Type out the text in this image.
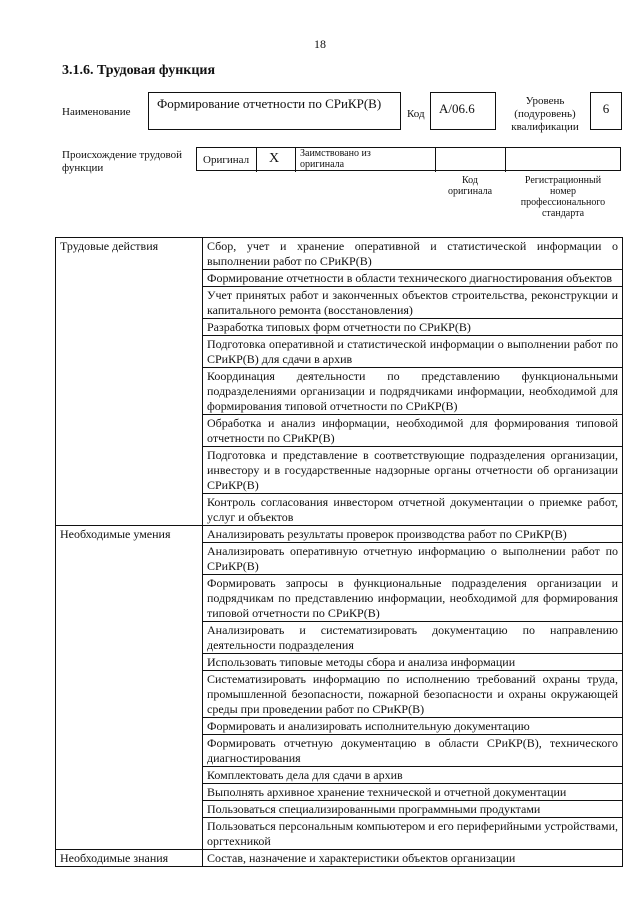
18
3.1.6. Трудовая функция
Наименование
Формирование отчетности по СРиКР(В)
Код	А/06.6	Уровень
(подуровень)
квалификации
6
Происхождение трудовой
функции
Оригинал X Заимствовано из
оригинала
Код
оригинала
Регистрационный
номер
профессионального
стандарта
Трудовые действия	Сбор, учет и хранение оперативной и статистической информации о выполнении работ по СРиКР(В)
	Формирование отчетности в области технического диагностирования объектов
	Учет принятых работ и законченных объектов строительства, реконструкции и капитального ремонта (восстановления)
	Разработка типовых форм отчетности по СРиКР(В)
	Подготовка оперативной и статистической информации о выполнении работ по СРиКР(В) для сдачи в архив
	Координация деятельности по представлению функциональными подразделениями организации и подрядчиками информации, необходимой для формирования типовой отчетности по СРиКР(В)
	Обработка и анализ информации, необходимой для формирования типовой отчетности по СРиКР(В)
	Подготовка и представление в соответствующие подразделения организации, инвестору и в государственные надзорные органы отчетности об организации СРиКР(В)
	Контроль согласования инвестором отчетной документации о приемке работ, услуг и объектов
Необходимые умения	Анализировать результаты проверок производства работ по СРиКР(В)
	Анализировать оперативную отчетную информацию о выполнении работ по СРиКР(В)
	Формировать запросы в функциональные подразделения организации и подрядчикам по представлению информации, необходимой для формирования типовой отчетности по СРиКР(В)
	Анализировать и систематизировать документацию по направлению деятельности подразделения
	Использовать типовые методы сбора и анализа информации
	Систематизировать информацию по исполнению требований охраны труда, промышленной безопасности, пожарной безопасности и охраны окружающей среды при проведении работ по СРиКР(В)
	Формировать и анализировать исполнительную документацию
	Формировать отчетную документацию в области СРиКР(В), технического диагностирования
	Комплектовать дела для сдачи в архив
	Выполнять архивное хранение технической и отчетной документации
	Пользоваться специализированными программными продуктами
	Пользоваться персональным компьютером и его периферийными устройствами, оргтехникой
Необходимые знания	Состав, назначение и характеристики объектов организации
